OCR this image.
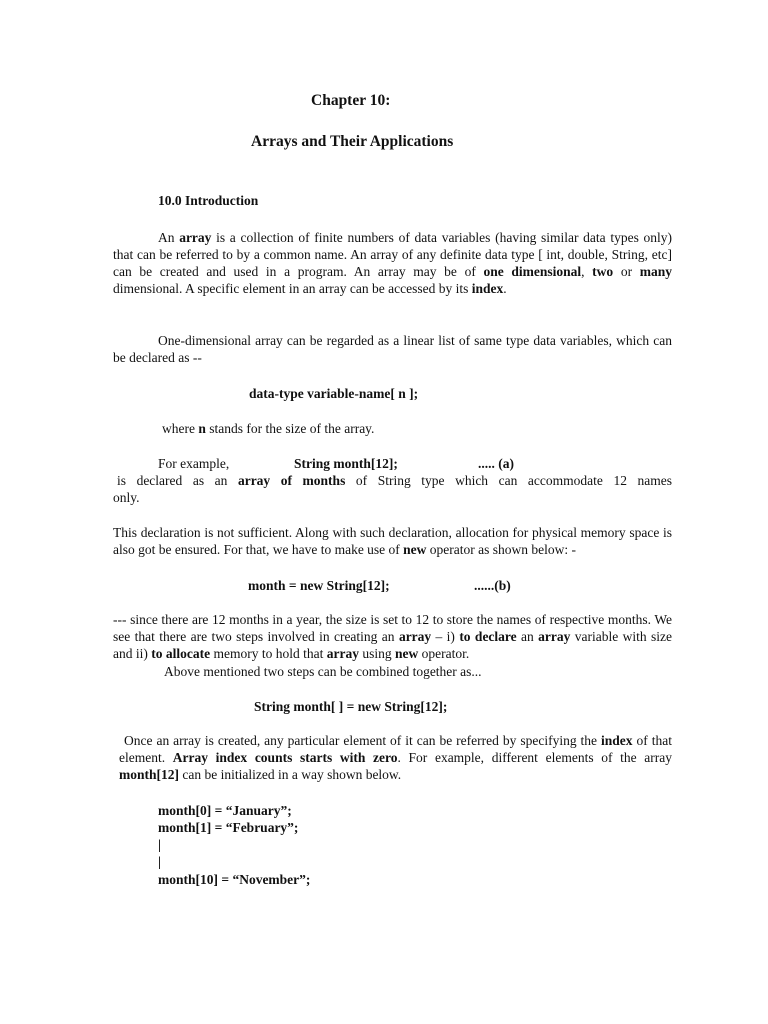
Chapter 10:
Arrays and Their Applications
10.0 Introduction
An array is a collection of finite numbers of data variables (having similar data types only) that can be referred to by a common name. An array of any definite data type [ int, double, String, etc] can be created and used in a program. An array may be of one dimensional, two or many dimensional. A specific element in an array can be accessed by its index.
One-dimensional array can be regarded as a linear list of same type data variables, which can be declared as --
data-type variable-name[ n ];
where n stands for the size of the array.
For example,	String month[12];	..... (a)
is declared as an array of months of String type which can accommodate 12 names
only.
This declaration is not sufficient. Along with such declaration, allocation for physical memory space is also got be ensured. For that, we have to make use of new operator as shown below: -
month = new String[12];	......(b)
--- since there are 12 months in a year, the size is set to 12 to store the names of respective months. We see that there are two steps involved in creating an array – i) to declare an array variable with size and ii) to allocate memory to hold that array using new operator.
Above mentioned two steps can be combined together as...
String month[ ] = new String[12];
Once an array is created, any particular element of it can be referred by specifying the index of that element. Array index counts starts with zero. For example, different elements of the array month[12] can be initialized in a way shown below.
month[0] = “January”;
month[1] = “February”;
|
|
month[10] = “November”;
